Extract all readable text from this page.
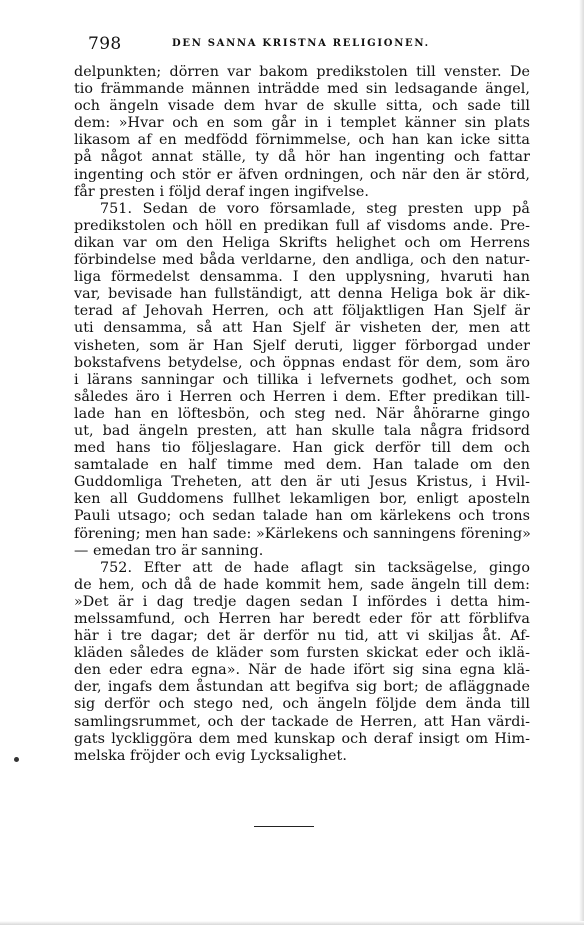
798	DEN SANNA KRISTNA RELIGIONEN.
delpunkten; dörren var bakom predikstolen till venster. De
tio främmande männen inträdde med sin ledsagande ängel,
och ängeln visade dem hvar de skulle sitta, och sade till
dem: »Hvar och en som går in i templet känner sin plats
likasom af en medfödd förnimmelse, och han kan icke sitta
på något annat ställe, ty då hör han ingenting och fattar
ingenting och stör er äfven ordningen, och när den är störd,
får presten i följd deraf ingen ingifvelse.
751. Sedan de voro församlade, steg presten upp på
predikstolen och höll en predikan full af visdoms ande. Pre-
dikan var om den Heliga Skrifts helighet och om Herrens
förbindelse med båda verldarne, den andliga, och den natur-
liga förmedelst densamma. I den upplysning, hvaruti han
var, bevisade han fullständigt, att denna Heliga bok är dik-
terad af Jehovah Herren, och att följaktligen Han Sjelf är
uti densamma, så att Han Sjelf är visheten der, men att
visheten, som är Han Sjelf deruti, ligger förborgad under
bokstafvens betydelse, och öppnas endast för dem, som äro
i lärans sanningar och tillika i lefvernets godhet, och som
således äro i Herren och Herren i dem. Efter predikan till-
lade han en löftesbön, och steg ned. När åhörarne gingo
ut, bad ängeln presten, att han skulle tala några fridsord
med hans tio följeslagare. Han gick derför till dem och
samtalade en half timme med dem. Han talade om den
Guddomliga Treheten, att den är uti Jesus Kristus, i Hvil-
ken all Guddomens fullhet lekamligen bor, enligt aposteln
Pauli utsago; och sedan talade han om kärlekens och trons
förening; men han sade: »Kärlekens och sanningens förening»
— emedan tro är sanning.
752. Efter att de hade aflagt sin tacksägelse, gingo
de hem, och då de hade kommit hem, sade ängeln till dem:
»Det är i dag tredje dagen sedan I infördes i detta him-
melssamfund, och Herren har beredt eder för att förblifva
här i tre dagar; det är derför nu tid, att vi skiljas åt. Af-
kläden således de kläder som fursten skickat eder och iklä-
den eder edra egna». När de hade ifört sig sina egna klä-
der, ingafs dem åstundan att begifva sig bort; de afläggnade
sig derför och stego ned, och ängeln följde dem ända till
samlingsrummet, och der tackade de Herren, att Han värdi-
gats lyckliggöra dem med kunskap och deraf insigt om Him-
melska fröjder och evig Lycksalighet.
